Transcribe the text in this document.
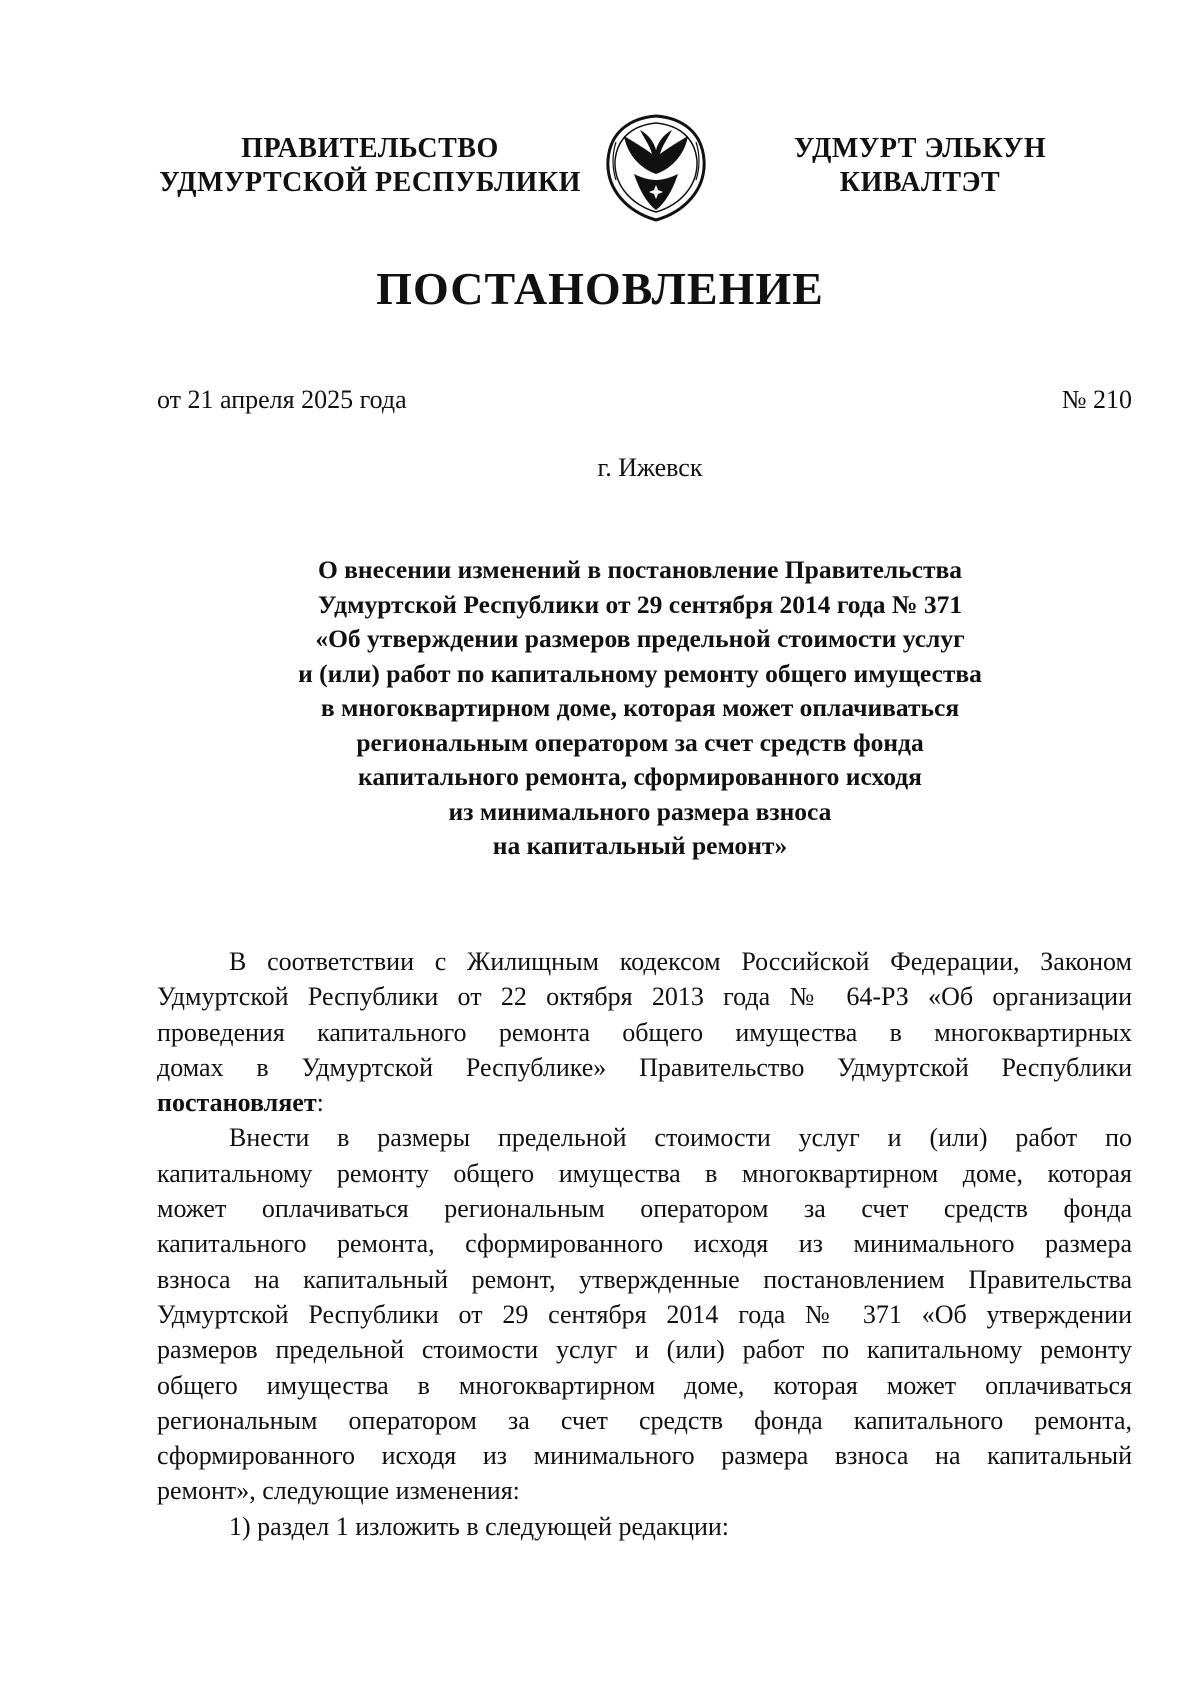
ПРАВИТЕЛЬСТВО
УДМУРТСКОЙ РЕСПУБЛИКИ
УДМУРТ ЭЛЬКУН
КИВАЛТЭТ
ПОСТАНОВЛЕНИЕ
от 21 апреля 2025 года	№ 210
г. Ижевск
О внесении изменений в постановление Правительства
Удмуртской Республики от 29 сентября 2014 года № 371
«Об утверждении размеров предельной стоимости услуг
и (или) работ по капитальному ремонту общего имущества
в многоквартирном доме, которая может оплачиваться
региональным оператором за счет средств фонда
капитального ремонта, сформированного исходя
из минимального размера взноса
на капитальный ремонт»
В соответствии с Жилищным кодексом Российской Федерации, Законом
Удмуртской Республики от 22 октября 2013 года № 64-РЗ «Об организации
проведения капитального ремонта общего имущества в многоквартирных
домах в Удмуртской Республике» Правительство Удмуртской Республики
постановляет:
Внести в размеры предельной стоимости услуг и (или) работ по
капитальному ремонту общего имущества в многоквартирном доме, которая
может оплачиваться региональным оператором за счет средств фонда
капитального ремонта, сформированного исходя из минимального размера
взноса на капитальный ремонт, утвержденные постановлением Правительства
Удмуртской Республики от 29 сентября 2014 года № 371 «Об утверждении
размеров предельной стоимости услуг и (или) работ по капитальному ремонту
общего имущества в многоквартирном доме, которая может оплачиваться
региональным оператором за счет средств фонда капитального ремонта,
сформированного исходя из минимального размера взноса на капитальный
ремонт», следующие изменения:
1) раздел 1 изложить в следующей редакции:
